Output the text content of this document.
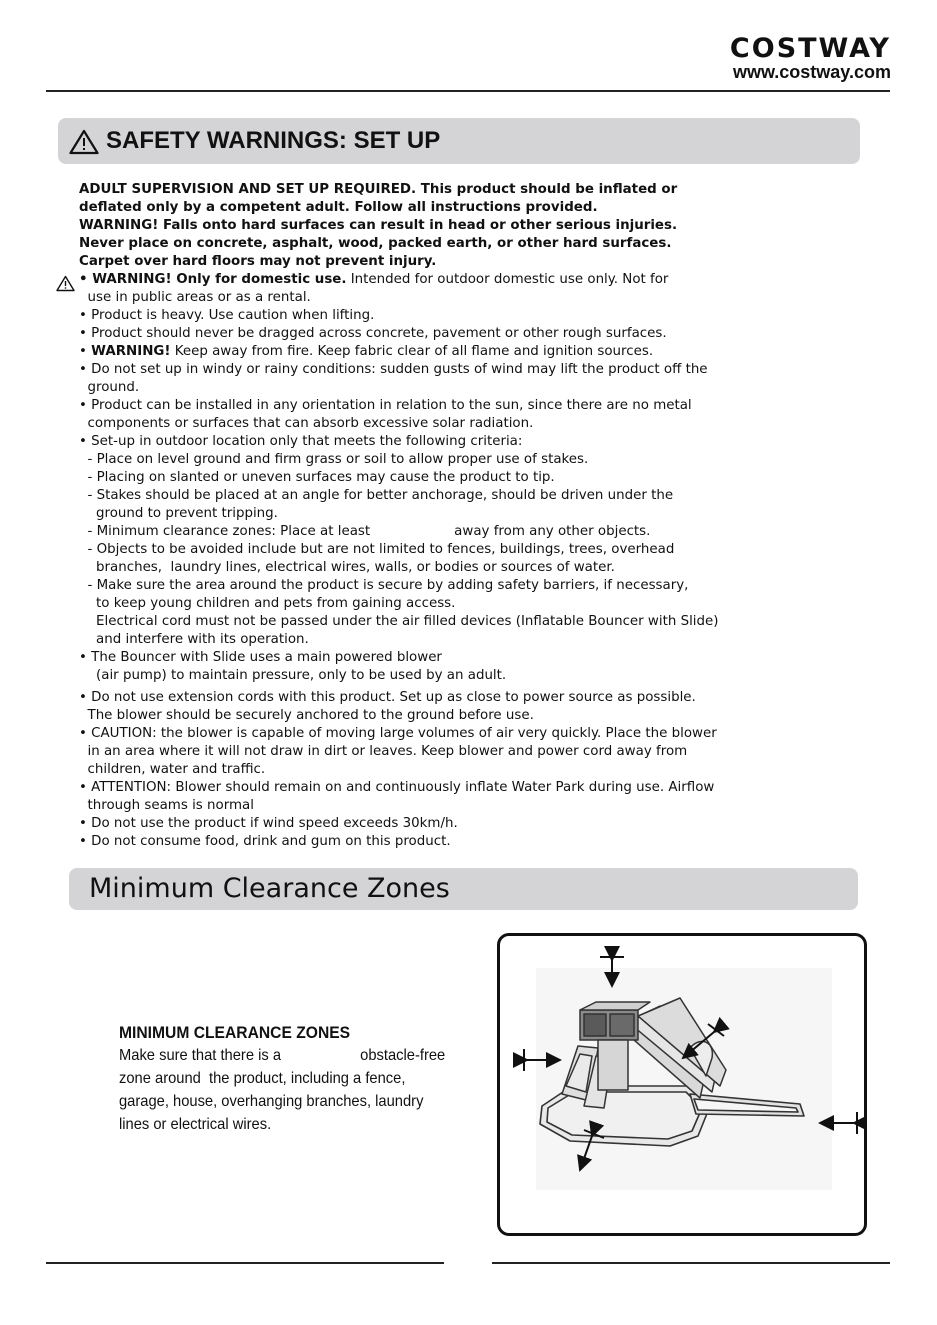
COSTWAY
www.costway.com
SAFETY WARNINGS: SET UP
ADULT SUPERVISION AND SET UP REQUIRED. This product should be inflated or
deflated only by a competent adult. Follow all instructions provided.
WARNING! Falls onto hard surfaces can result in head or other serious injuries.
Never place on concrete, asphalt, wood, packed earth, or other hard surfaces.
Carpet over hard floors may not prevent injury.
• WARNING! Only for domestic use. Intended for outdoor domestic use only. Not for
use in public areas or as a rental.
• Product is heavy. Use caution when lifting.
• Product should never be dragged across concrete, pavement or other rough surfaces.
• WARNING! Keep away from fire. Keep fabric clear of all flame and ignition sources.
• Do not set up in windy or rainy conditions: sudden gusts of wind may lift the product off the
ground.
• Product can be installed in any orientation in relation to the sun, since there are no metal
components or surfaces that can absorb excessive solar radiation.
• Set-up in outdoor location only that meets the following criteria:
- Place on level ground and firm grass or soil to allow proper use of stakes.
- Placing on slanted or uneven surfaces may cause the product to tip.
- Stakes should be placed at an angle for better anchorage, should be driven under the
ground to prevent tripping.
- Minimum clearance zones: Place at least	away from any other objects.
- Objects to be avoided include but are not limited to fences, buildings, trees, overhead
branches,  laundry lines, electrical wires, walls, or bodies or sources of water.
- Make sure the area around the product is secure by adding safety barriers, if necessary,
to keep young children and pets from gaining access.
Electrical cord must not be passed under the air filled devices (Inflatable Bouncer with Slide)
and interfere with its operation.
• The Bouncer with Slide uses a main powered blower
(air pump) to maintain pressure, only to be used by an adult.
• Do not use extension cords with this product. Set up as close to power source as possible.
The blower should be securely anchored to the ground before use.
• CAUTION: the blower is capable of moving large volumes of air very quickly. Place the blower
in an area where it will not draw in dirt or leaves. Keep blower and power cord away from
children, water and traffic.
• ATTENTION: Blower should remain on and continuously inflate Water Park during use. Airflow
through seams is normal
• Do not use the product if wind speed exceeds 30km/h.
• Do not consume food, drink and gum on this product.
Minimum Clearance Zones
MINIMUM CLEARANCE ZONES
Make sure that there is a	obstacle-free
zone around  the product, including a fence,
garage, house, overhanging branches, laundry
lines or electrical wires.
